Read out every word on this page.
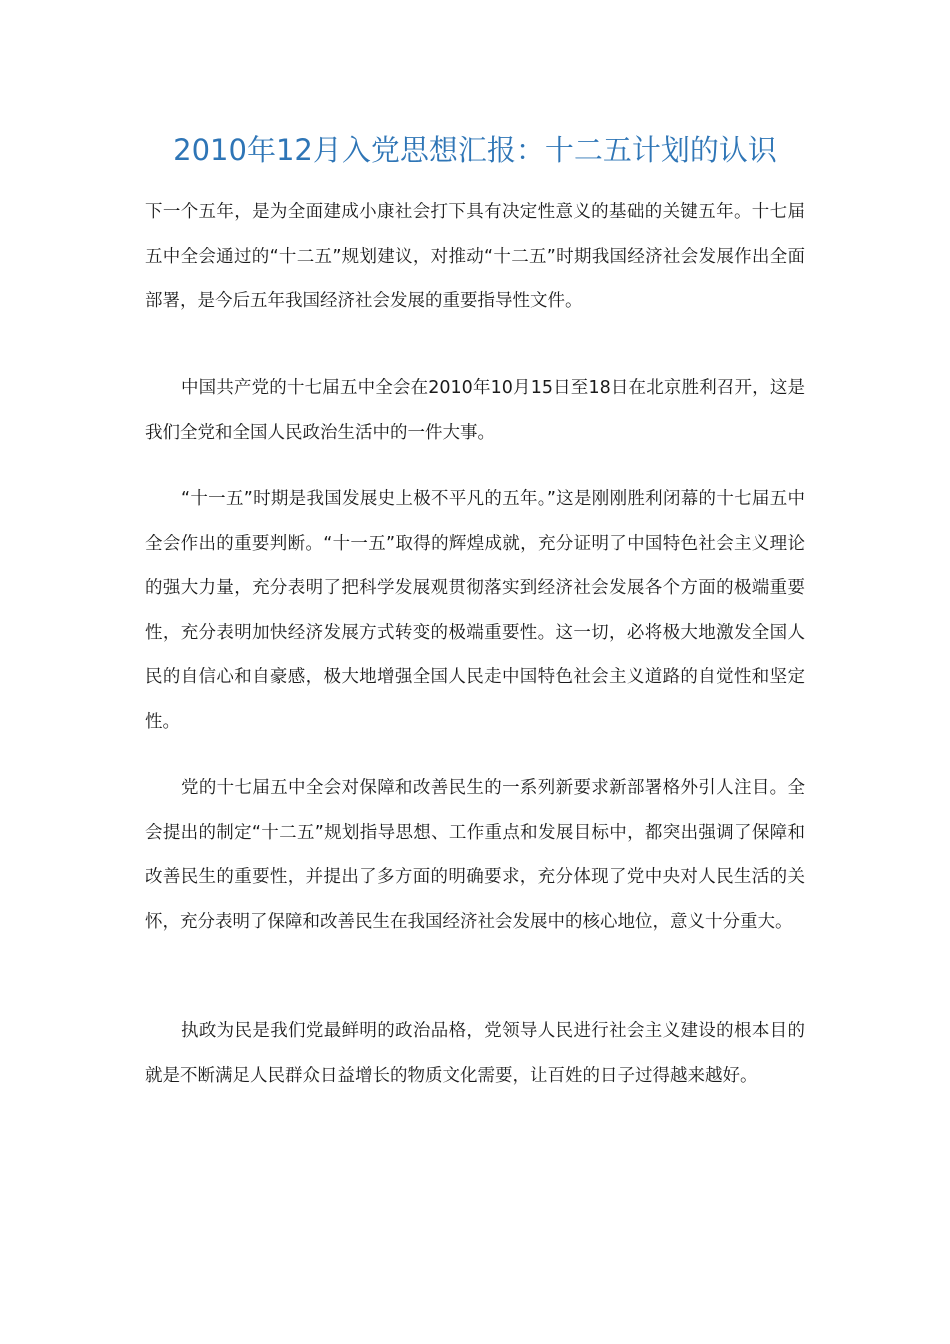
2010年12月入党思想汇报：十二五计划的认识

下一个五年，是为全面建成小康社会打下具有决定性意义的基础的关键五年。十七届五中全会通过的“十二五”规划建议，对推动“十二五”时期我国经济社会发展作出全面部署，是今后五年我国经济社会发展的重要指导性文件。

中国共产党的十七届五中全会在2010年10月15日至18日在北京胜利召开，这是我们全党和全国人民政治生活中的一件大事。

“十一五”时期是我国发展史上极不平凡的五年。”这是刚刚胜利闭幕的十七届五中全会作出的重要判断。“十一五”取得的辉煌成就，充分证明了中国特色社会主义理论的强大力量，充分表明了把科学发展观贯彻落实到经济社会发展各个方面的极端重要性，充分表明加快经济发展方式转变的极端重要性。这一切，必将极大地激发全国人民的自信心和自豪感，极大地增强全国人民走中国特色社会主义道路的自觉性和坚定性。

党的十七届五中全会对保障和改善民生的一系列新要求新部署格外引人注目。全会提出的制定“十二五”规划指导思想、工作重点和发展目标中，都突出强调了保障和改善民生的重要性，并提出了多方面的明确要求，充分体现了党中央对人民生活的关怀，充分表明了保障和改善民生在我国经济社会发展中的核心地位，意义十分重大。

执政为民是我们党最鲜明的政治品格，党领导人民进行社会主义建设的根本目的就是不断满足人民群众日益增长的物质文化需要，让百姓的日子过得越来越好。
